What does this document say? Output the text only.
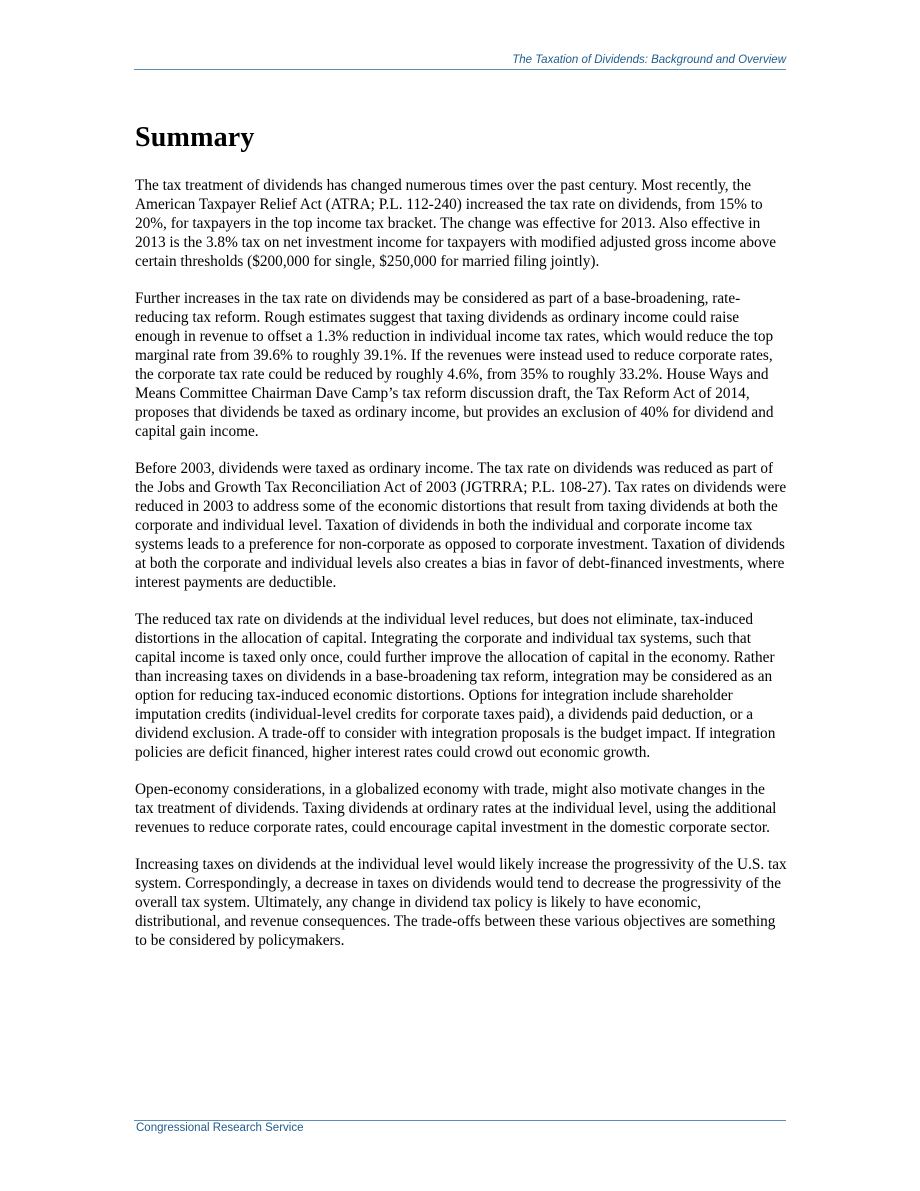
The Taxation of Dividends: Background and Overview
Summary

The tax treatment of dividends has changed numerous times over the past century. Most recently, the American Taxpayer Relief Act (ATRA; P.L. 112-240) increased the tax rate on dividends, from 15% to 20%, for taxpayers in the top income tax bracket. The change was effective for 2013. Also effective in 2013 is the 3.8% tax on net investment income for taxpayers with modified adjusted gross income above certain thresholds ($200,000 for single, $250,000 for married filing jointly).

Further increases in the tax rate on dividends may be considered as part of a base-broadening, rate-reducing tax reform. Rough estimates suggest that taxing dividends as ordinary income could raise enough in revenue to offset a 1.3% reduction in individual income tax rates, which would reduce the top marginal rate from 39.6% to roughly 39.1%. If the revenues were instead used to reduce corporate rates, the corporate tax rate could be reduced by roughly 4.6%, from 35% to roughly 33.2%. House Ways and Means Committee Chairman Dave Camp’s tax reform discussion draft, the Tax Reform Act of 2014, proposes that dividends be taxed as ordinary income, but provides an exclusion of 40% for dividend and capital gain income.

Before 2003, dividends were taxed as ordinary income. The tax rate on dividends was reduced as part of the Jobs and Growth Tax Reconciliation Act of 2003 (JGTRRA; P.L. 108-27). Tax rates on dividends were reduced in 2003 to address some of the economic distortions that result from taxing dividends at both the corporate and individual level. Taxation of dividends in both the individual and corporate income tax systems leads to a preference for non-corporate as opposed to corporate investment. Taxation of dividends at both the corporate and individual levels also creates a bias in favor of debt-financed investments, where interest payments are deductible.

The reduced tax rate on dividends at the individual level reduces, but does not eliminate, tax-induced distortions in the allocation of capital. Integrating the corporate and individual tax systems, such that capital income is taxed only once, could further improve the allocation of capital in the economy. Rather than increasing taxes on dividends in a base-broadening tax reform, integration may be considered as an option for reducing tax-induced economic distortions. Options for integration include shareholder imputation credits (individual-level credits for corporate taxes paid), a dividends paid deduction, or a dividend exclusion. A trade-off to consider with integration proposals is the budget impact. If integration policies are deficit financed, higher interest rates could crowd out economic growth.

Open-economy considerations, in a globalized economy with trade, might also motivate changes in the tax treatment of dividends. Taxing dividends at ordinary rates at the individual level, using the additional revenues to reduce corporate rates, could encourage capital investment in the domestic corporate sector.

Increasing taxes on dividends at the individual level would likely increase the progressivity of the U.S. tax system. Correspondingly, a decrease in taxes on dividends would tend to decrease the progressivity of the overall tax system. Ultimately, any change in dividend tax policy is likely to have economic, distributional, and revenue consequences. The trade-offs between these various objectives are something to be considered by policymakers.

Congressional Research Service
